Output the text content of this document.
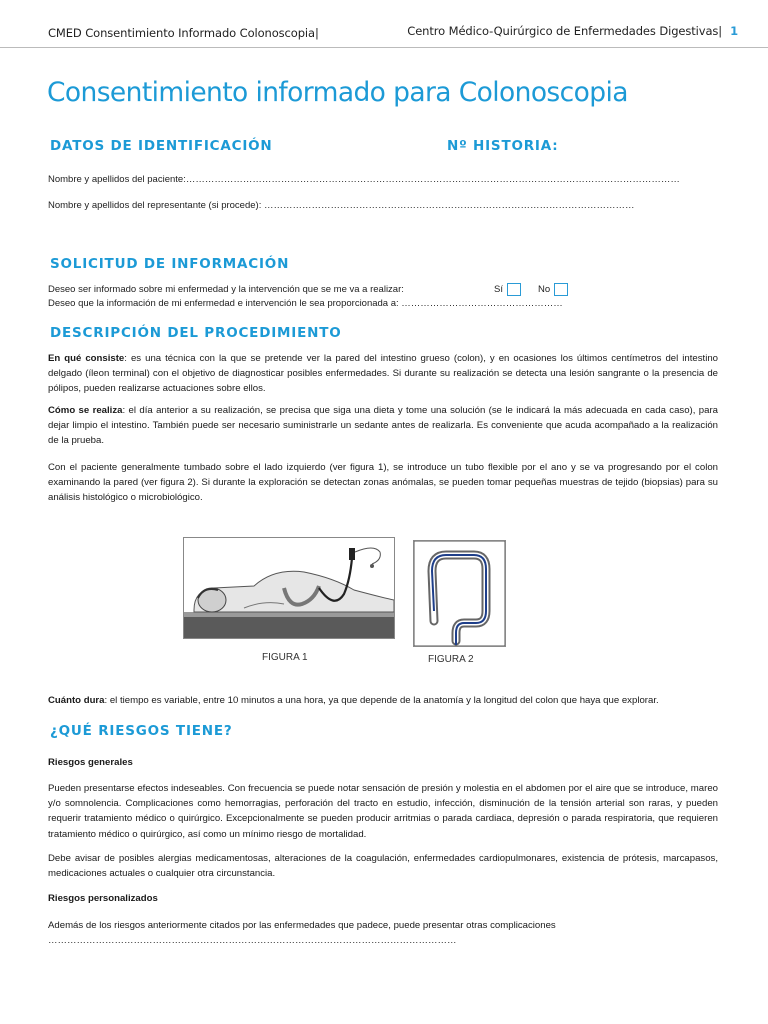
CMED Consentimiento Informado Colonoscopia|	Centro Médico-Quirúrgico de Enfermedades Digestivas| 1
Consentimiento informado para Colonoscopia
DATOS DE IDENTIFICACIÓN	Nº HISTORIA:
Nombre y apellidos del paciente:…………………………………………………………………………………………………………………………………………
Nombre y apellidos del representante (si procede): ………………………………………………………………………………………………………
SOLICITUD DE INFORMACIÓN
Deseo ser informado sobre mi enfermedad y la intervención que se me va a realizar:	Sí	No
Deseo que la información de mi enfermedad e intervención le sea proporcionada a: ……………………………………………
DESCRIPCIÓN DEL PROCEDIMIENTO
En qué consiste: es una técnica con la que se pretende ver la pared del intestino grueso (colon), y en ocasiones los últimos centímetros del intestino delgado (íleon terminal) con el objetivo de diagnosticar posibles enfermedades. Si durante su realización se detecta una lesión sangrante o la presencia de pólipos, pueden realizarse actuaciones sobre ellos.
Cómo se realiza: el día anterior a su realización, se precisa que siga una dieta y tome una solución (se le indicará la más adecuada en cada caso), para dejar limpio el intestino. También puede ser necesario suministrarle un sedante antes de realizarla. Es conveniente que acuda acompañado a la realización de la prueba.
Con el paciente generalmente tumbado sobre el lado izquierdo (ver figura 1), se introduce un tubo flexible por el ano y se va progresando por el colon examinando la pared (ver figura 2). Si durante la exploración se detectan zonas anómalas, se pueden tomar pequeñas muestras de tejido (biopsias) para su análisis histológico o microbiológico.
FIGURA 1	FIGURA 2
Cuánto dura: el tiempo es variable, entre 10 minutos a una hora, ya que depende de la anatomía y la longitud del colon que haya que explorar.
¿QUÉ RIESGOS TIENE?
Riesgos generales
Pueden presentarse efectos indeseables. Con frecuencia se puede notar sensación de presión y molestia en el abdomen por el aire que se introduce, mareo y/o somnolencia. Complicaciones como hemorragias, perforación del tracto en estudio, infección, disminución de la tensión arterial son raras, y pueden requerir tratamiento médico o quirúrgico. Excepcionalmente se pueden producir arritmias o parada cardiaca, depresión o parada respiratoria, que requieren tratamiento médico o quirúrgico, así como un mínimo riesgo de mortalidad.
Debe avisar de posibles alergias medicamentosas, alteraciones de la coagulación, enfermedades cardiopulmonares, existencia de prótesis, marcapasos, medicaciones actuales o cualquier otra circunstancia.
Riesgos personalizados
Además de los riesgos anteriormente citados por las enfermedades que padece, puede presentar otras complicaciones
…………………………………………………………………………………………………………………
